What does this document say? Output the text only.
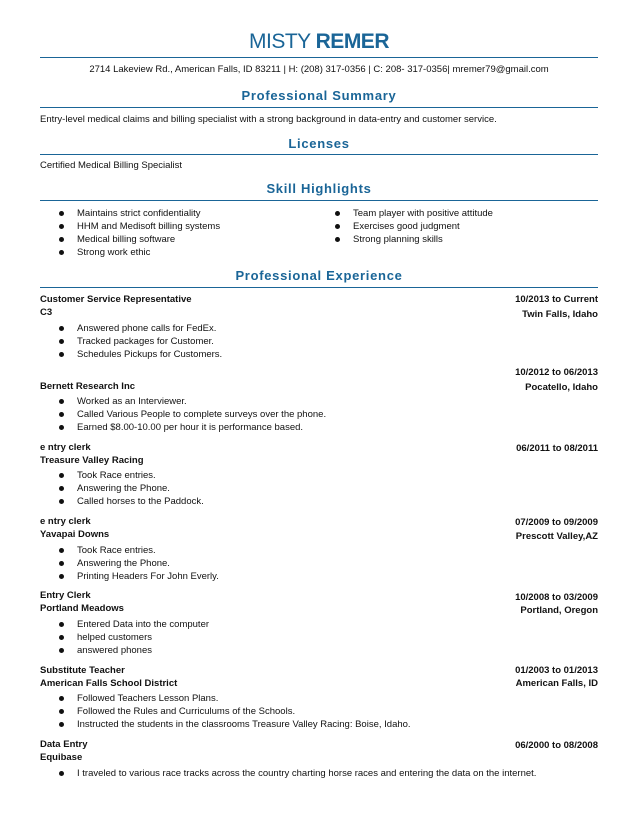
MISTY REMER
2714 Lakeview Rd., American Falls, ID 83211 | H: (208) 317-0356 | C: 208- 317-0356| mremer79@gmail.com
Professional Summary
Entry-level medical claims and billing specialist with a strong background in data-entry and customer service.
Licenses
Certified Medical Billing Specialist
Skill Highlights
Maintains strict confidentiality
HHM and Medisoft billing systems
Medical billing software
Strong work ethic
Team player with positive attitude
Exercises good judgment
Strong planning skills
Professional Experience
Customer Service Representative
C3
10/2013 to Current
Twin Falls, Idaho
Answered phone calls for FedEx.
Tracked packages for Customer.
Schedules Pickups for Customers.
10/2012 to 06/2013
Bernett Research Inc	Pocatello, Idaho
Worked as an Interviewer.
Called Various People to complete surveys over the phone.
Earned $8.00-10.00 per hour it is performance based.
e ntry clerk
Treasure Valley Racing
06/2011 to 08/2011
Took Race entries.
Answering the Phone.
Called horses to the Paddock.
e ntry clerk
Yavapai Downs
07/2009 to 09/2009
Prescott Valley,AZ
Took Race entries.
Answering the Phone.
Printing Headers For John Everly.
Entry Clerk
Portland Meadows
10/2008 to 03/2009
Portland, Oregon
Entered Data into the computer
helped customers
answered phones
Substitute Teacher
American Falls School District
01/2003 to 01/2013
American Falls, ID
Followed Teachers Lesson Plans.
Followed the Rules and Curriculums of the Schools.
Instructed the students in the classrooms Treasure Valley Racing: Boise, Idaho.
Data Entry
Equibase
06/2000 to 08/2008
I traveled to various race tracks across the country charting horse races and entering the data on the internet.
